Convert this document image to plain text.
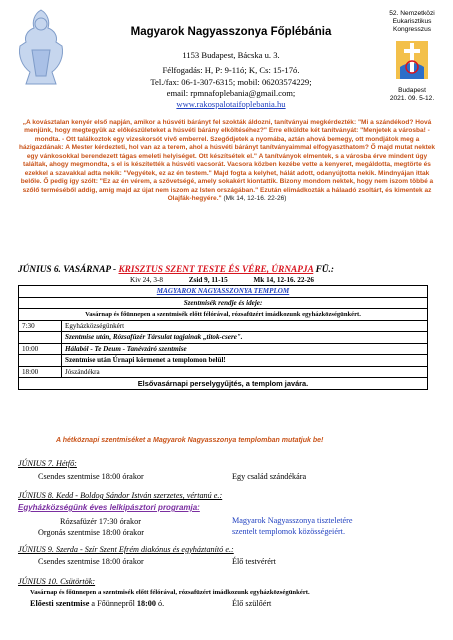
Magyarok Nagyasszonya Főplébánia
1153 Budapest, Bácska u. 3.
Félfogadás: H, P: 9-11ó; K, Cs: 15-17ó.
Tel./fax: 06-1-307-6315; mobil: 06203574229;
email: rpmnafoplebania@gmail.com;
www.rakospalotaifoplebania.hu
52. Nemzetközi
Eukarisztikus
Kongresszus
Budapest
2021. 09. 5-12.
„A kovásztalan kenyér első napján, amikor a húsvéti bárányt fel szokták áldozni, tanítványai megkérdezték: "Mi a szándékod? Hová menjünk, hogy megtegyük az előkészületeket a húsvéti bárány elköltéséhez?" Erre elküldte két tanítványát: "Menjetek a városba! - mondta. - Ott találkoztok egy vizeskorsót vivő emberrel. Szegődjetek a nyomába, aztán ahová bemegy, ott mondjátok meg a házigazdának: A Mester kérdezteti, hol van az a terem, ahol a húsvéti bárányt tanítványaimmal elfogyaszthatom? Ő majd mutat nektek egy vánkosokkal berendezett tágas emeleti helyiséget. Ott készítsétek el." A tanítványok elmentek, s a városba érve mindent úgy találtak, ahogy megmondta, s el is készítették a húsvéti vacsorát. Vacsora közben kezébe vette a kenyeret, megáldotta, megtörte és ezekkel a szavakkal adta nekik: "Vegyétek, ez az én testem." Majd fogta a kelyhet, hálát adott, odanyújtotta nekik. Mindnyájan ittak belőle. Ő pedig így szólt: "Ez az én vérem, a szövetségé, amely sokakért kiontattik. Bizony mondom nektek, hogy nem iszom többé a szőlő terméséből addig, amíg majd az újat nem iszom az Isten országában." Ezután elimádkozták a hálaadó zsoltárt, és kimentek az Olajfák-hegyére." (Mk 14, 12-16. 22-26)
JÚNIUS 6. VASÁRNAP - KRISZTUS SZENT TESTE ÉS VÉRE, ÚRNAPJA FÜ.:
Kiv 24, 3-8	Zsid 9, 11-15	Mk 14, 12-16. 22-26
MAGYAROK NAGYASSZONYA TEMPLOM	
Szentmisék rendje és ideje:	
Vasárnap és főünnepen a szentmisék előtt félórával, rózsafüzért imádkozunk egyházközségünkért.	
7:30	Egyházközségünkért
	Szentmise után, Rózsafüzér Társulat tagjainak „titok-csere".
10:00	Hálaból - Te Deum - Tanévzáró szentmise
	Szentmise után Úrnapi körmenet a templomon belül!
18:00	Jószándékra
Elsővasárnapi perselygyűjtés, a templom javára.	
A hétköznapi szentmiséket a Magyarok Nagyasszonya templomban mutatjuk be!
JÚNIUS 7. Hétfő:
Csendes szentmise 18:00 órakor	Egy család szándékára
JÚNIUS 8. Kedd - Boldog Sándor István szerzetes, vértanú e.:
Egyházközségünk éves lelkipásztori programja:
Rózsafüzér 17:30 órakor
Orgonás szentmise 18:00 órakor
Magyarok Nagyasszonya tiszteletére
szentelt templomok közösségeiért.
JÚNIUS 9. Szerda - Szír Szent Efrém diakónus és egyháztanító e.:
Csendes szentmise 18:00 órakor	Élő testvérért
JÚNIUS 10. Csütörtök:
Vasárnap és főünnepen a szentmisék előtt félórával, rózsafüzért imádkozunk egyházközségünkért.
Előesti szentmise a Főünnepről 18:00 ó.	Élő szülőért
